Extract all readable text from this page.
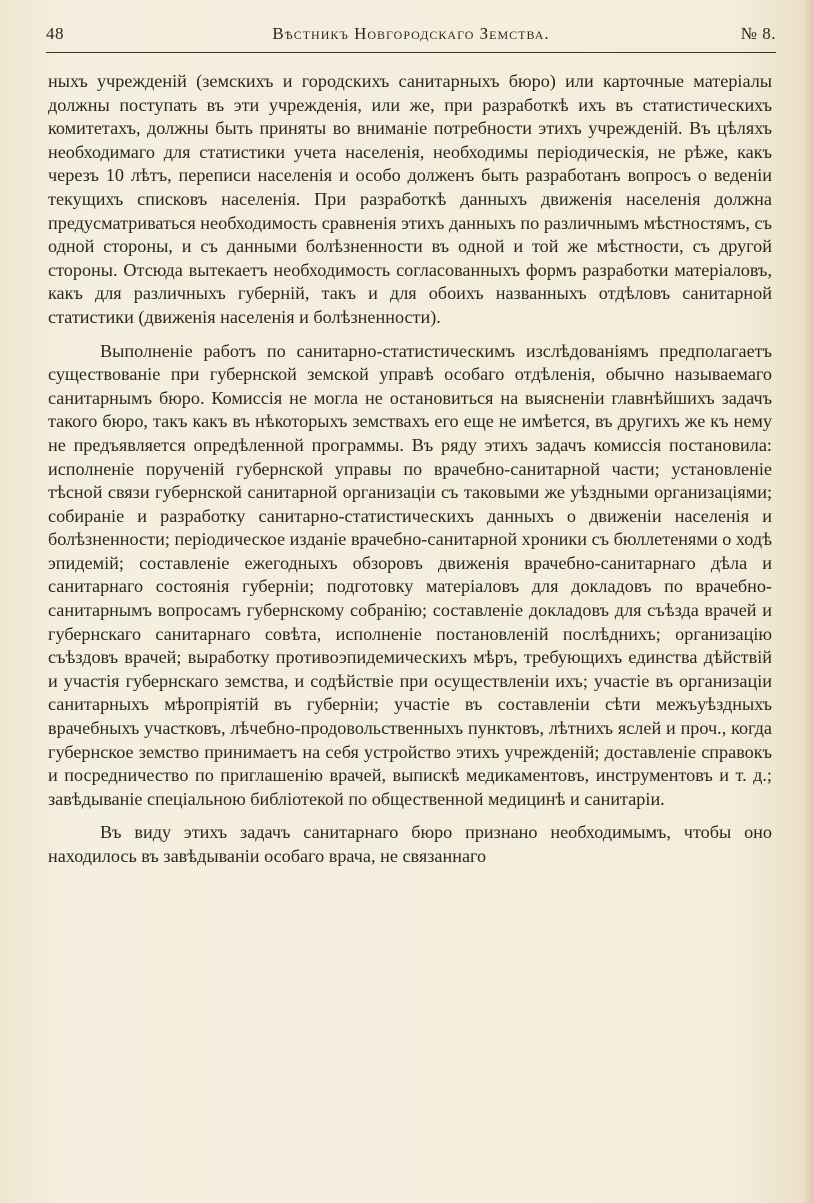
48	Вѣстникъ Новгородскаго Земства.	№ 8.

ныхъ учрежденій (земскихъ и городскихъ санитарныхъ бюро) или карточные матеріалы должны поступать въ эти учрежденія, или же, при разработкѣ ихъ въ статистическихъ комитетахъ, должны быть приняты во вниманіе потребности этихъ учрежденій. Въ цѣляхъ необходимаго для статистики учета населенія, необходимы періодическія, не рѣже, какъ черезъ 10 лѣтъ, переписи населенія и особо долженъ быть разработанъ вопросъ о веденіи текущихъ списковъ населенія. При разработкѣ данныхъ движенія населенія должна предусматриваться необходимость сравненія этихъ данныхъ по различнымъ мѣстностямъ, съ одной стороны, и съ данными болѣзненности въ одной и той же мѣстности, съ другой стороны. Отсюда вытекаетъ необходимость согласованныхъ формъ разработки матеріаловъ, какъ для различныхъ губерній, такъ и для обоихъ названныхъ отдѣловъ санитарной статистики (движенія населенія и болѣзненности).

Выполненіе работъ по санитарно-статистическимъ изслѣдованіямъ предполагаетъ существованіе при губернской земской управѣ особаго отдѣленія, обычно называемаго санитарнымъ бюро. Комиссія не могла не остановиться на выясненіи главнѣйшихъ задачъ такого бюро, такъ какъ въ нѣкоторыхъ земствахъ его еще не имѣется, въ другихъ же къ нему не предъявляется опредѣленной программы. Въ ряду этихъ задачъ комиссія постановила: исполненіе порученій губернской управы по врачебно-санитарной части; установленіе тѣсной связи губернской санитарной организаціи съ таковыми же уѣздными организаціями; собираніе и разработку санитарно-статистическихъ данныхъ о движеніи населенія и болѣзненности; періодическое изданіе врачебно-санитарной хроники съ бюллетенями о ходѣ эпидемій; составленіе ежегодныхъ обзоровъ движенія врачебно-санитарнаго дѣла и санитарнаго состоянія губерніи; подготовку матеріаловъ для докладовъ по врачебно-санитарнымъ вопросамъ губернскому собранію; составленіе докладовъ для съѣзда врачей и губернскаго санитарнаго совѣта, исполненіе постановленій послѣднихъ; организацію съѣздовъ врачей; выработку противоэпидемическихъ мѣръ, требующихъ единства дѣйствій и участія губернскаго земства, и содѣйствіе при осуществленіи ихъ; участіе въ организаціи санитарныхъ мѣропріятій въ губерніи; участіе въ составленіи сѣти межъуѣздныхъ врачебныхъ участковъ, лѣчебно-продовольственныхъ пунктовъ, лѣтнихъ яслей и проч., когда губернское земство принимаетъ на себя устройство этихъ учрежденій; доставленіе справокъ и посредничество по приглашенію врачей, выпискѣ медикаментовъ, инструментовъ и т. д.; завѣдываніе спеціальною библіотекой по общественной медицинѣ и санитаріи.

Въ виду этихъ задачъ санитарнаго бюро признано необходимымъ, чтобы оно находилось въ завѣдываніи особаго врача, не связаннаго
